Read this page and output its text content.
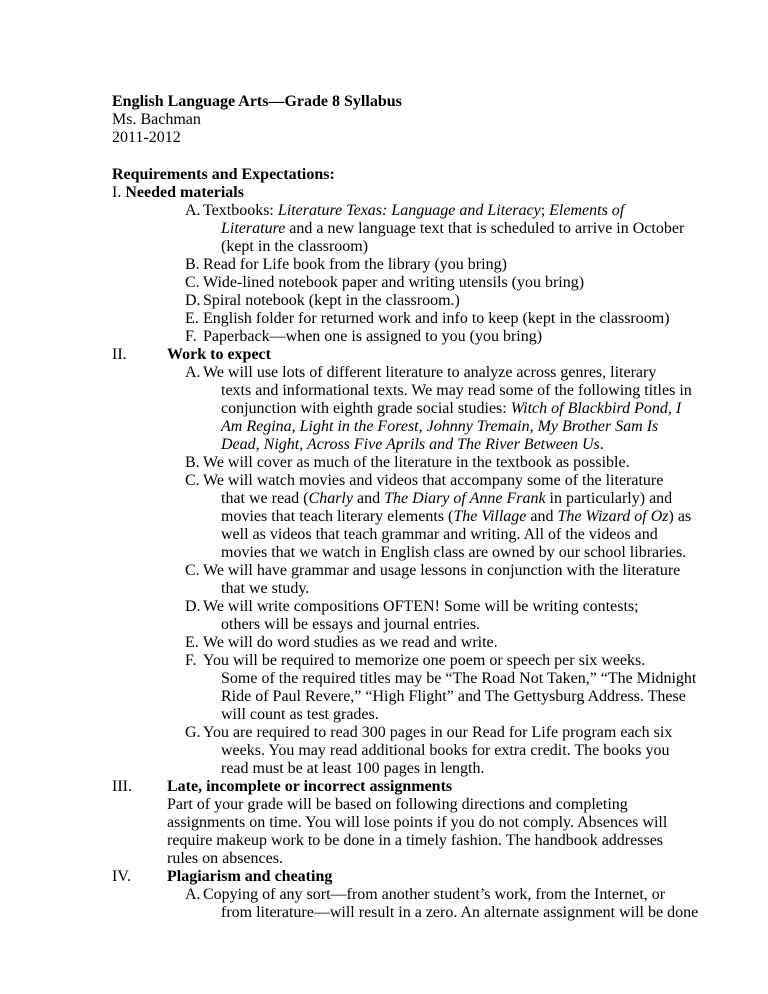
English Language Arts—Grade 8 Syllabus
Ms. Bachman
2011-2012
Requirements and Expectations:
I. Needed materials
A. Textbooks: Literature Texas: Language and Literacy; Elements of
Literature and a new language text that is scheduled to arrive in October
(kept in the classroom)
B. Read for Life book from the library (you bring)
C. Wide-lined notebook paper and writing utensils (you bring)
D. Spiral notebook (kept in the classroom.)
E. English folder for returned work and info to keep (kept in the classroom)
F. Paperback—when one is assigned to you (you bring)
II.	Work to expect
A. We will use lots of different literature to analyze across genres, literary
texts and informational texts. We may read some of the following titles in
conjunction with eighth grade social studies: Witch of Blackbird Pond, I
Am Regina, Light in the Forest, Johnny Tremain, My Brother Sam Is
Dead, Night, Across Five Aprils and The River Between Us.
B. We will cover as much of the literature in the textbook as possible.
C. We will watch movies and videos that accompany some of the literature
that we read (Charly and The Diary of Anne Frank in particularly) and
movies that teach literary elements (The Village and The Wizard of Oz) as
well as videos that teach grammar and writing. All of the videos and
movies that we watch in English class are owned by our school libraries.
C. We will have grammar and usage lessons in conjunction with the literature
that we study.
D. We will write compositions OFTEN! Some will be writing contests;
others will be essays and journal entries.
E. We will do word studies as we read and write.
F. You will be required to memorize one poem or speech per six weeks.
Some of the required titles may be “The Road Not Taken,” “The Midnight
Ride of Paul Revere,” “High Flight” and The Gettysburg Address. These
will count as test grades.
G. You are required to read 300 pages in our Read for Life program each six
weeks. You may read additional books for extra credit. The books you
read must be at least 100 pages in length.
III. Late, incomplete or incorrect assignments
Part of your grade will be based on following directions and completing
assignments on time. You will lose points if you do not comply. Absences will
require makeup work to be done in a timely fashion. The handbook addresses
rules on absences.
IV. Plagiarism and cheating
A. Copying of any sort—from another student’s work, from the Internet, or
from literature—will result in a zero. An alternate assignment will be done
